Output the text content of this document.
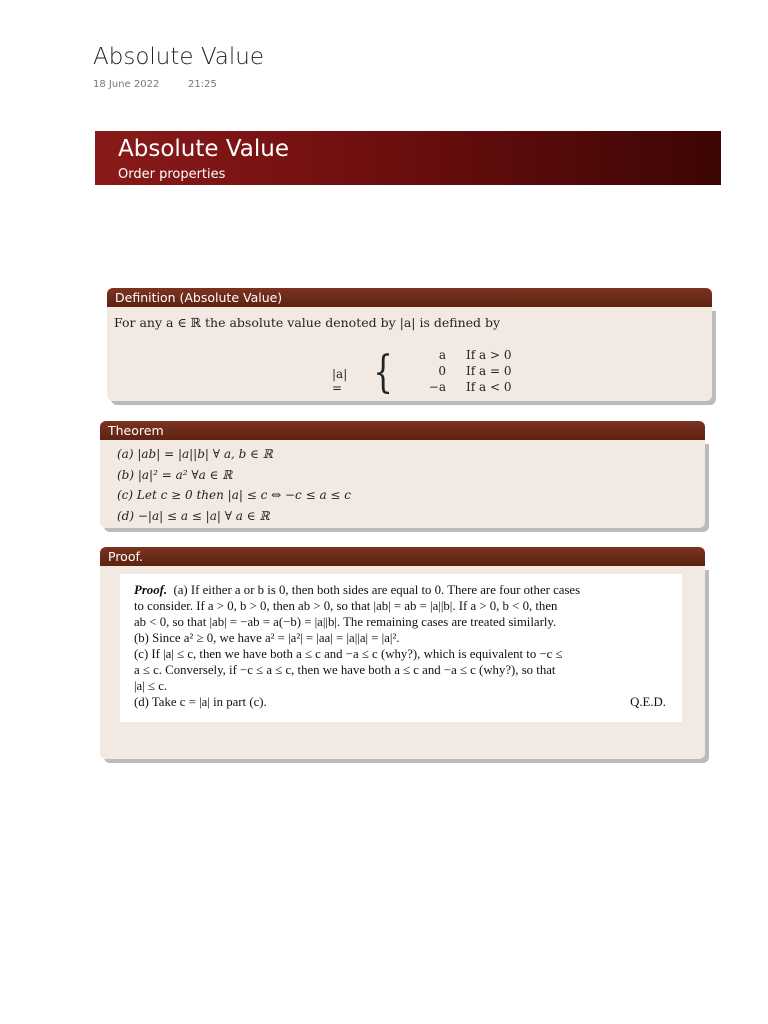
Absolute Value
18 June 2022	21:25
Absolute Value
Order properties
Definition (Absolute Value)
For any a ∈ ℝ the absolute value denoted by |a| is defined by
|a| = {	a If a > 0
0 If a = 0
−a If a < 0
Theorem
(a) |ab| = |a||b| ∀ a, b ∈ ℝ
(b) |a|² = a² ∀a ∈ ℝ
(c) Let c ≥ 0 then |a| ≤ c ⇔ −c ≤ a ≤ c
(d) −|a| ≤ a ≤ |a| ∀ a ∈ ℝ
Proof.
Proof. (a) If either a or b is 0, then both sides are equal to 0. There are four other cases
to consider. If a > 0, b > 0, then ab > 0, so that |ab| = ab = |a||b|. If a > 0, b < 0, then
ab < 0, so that |ab| = −ab = a(−b) = |a||b|. The remaining cases are treated similarly.
(b) Since a² ≥ 0, we have a² = |a²| = |aa| = |a||a| = |a|².
(c) If |a| ≤ c, then we have both a ≤ c and −a ≤ c (why?), which is equivalent to −c ≤
a ≤ c. Conversely, if −c ≤ a ≤ c, then we have both a ≤ c and −a ≤ c (why?), so that
|a| ≤ c.
(d) Take c = |a| in part (c).	Q.E.D.
